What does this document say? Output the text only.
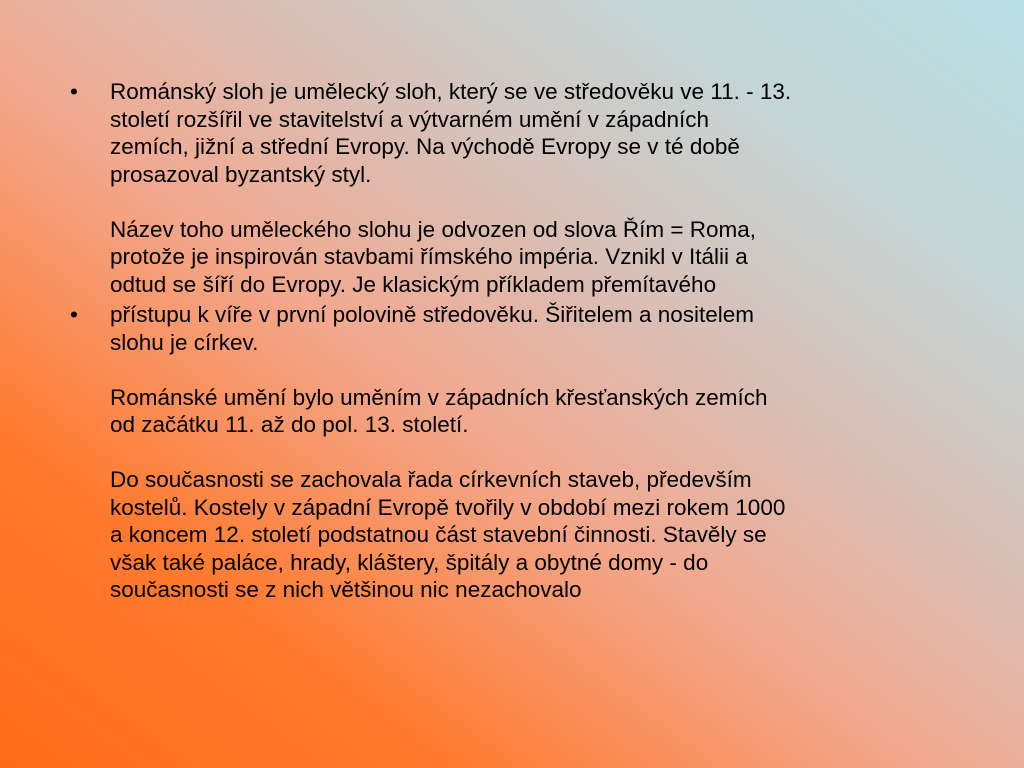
•	Románský sloh je umělecký sloh, který se ve středověku ve 11. - 13.
století rozšířil ve stavitelství a výtvarném umění v západních
zemích, jižní a střední Evropy. Na východě Evropy se v té době
prosazoval byzantský styl.
Název toho uměleckého slohu je odvozen od slova Řím = Roma,
protože je inspirován stavbami římského impéria. Vznikl v Itálii a
odtud se šíří do Evropy. Je klasickým příkladem přemítavého
•	přístupu k víře v první polovině středověku. Šiřitelem a nositelem
slohu je církev.
Románské umění bylo uměním v západních křesťanských zemích
od začátku 11. až do pol. 13. století.
Do současnosti se zachovala řada církevních staveb, především
kostelů. Kostely v západní Evropě tvořily v období mezi rokem 1000
a koncem 12. století podstatnou část stavební činnosti. Stavěly se
však také paláce, hrady, kláštery, špitály a obytné domy - do
současnosti se z nich většinou nic nezachovalo
